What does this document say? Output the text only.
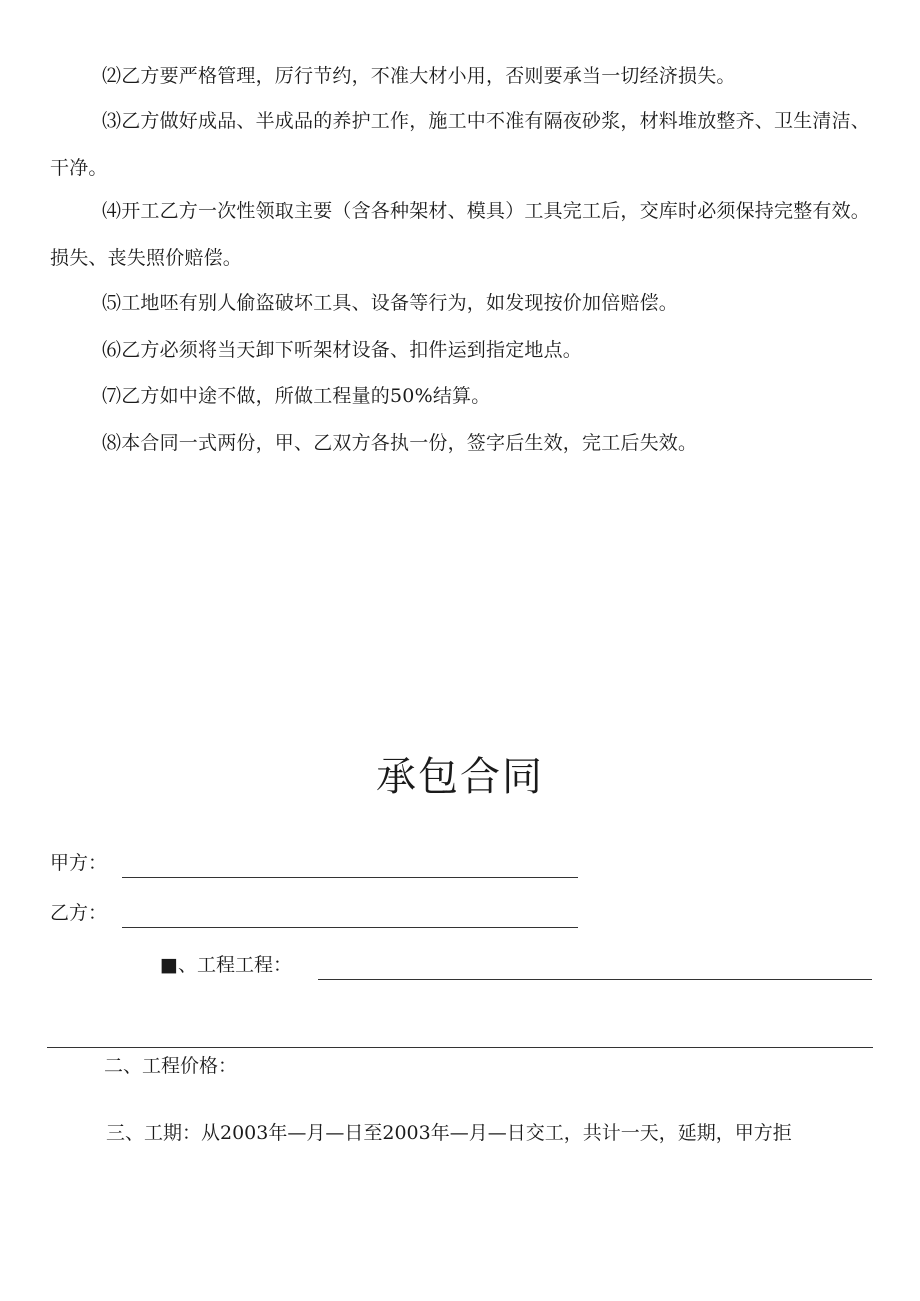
⑵乙方要严格管理，厉行节约，不准大材小用，否则要承当一切经济损失。

⑶乙方做好成品、半成品的养护工作，施工中不准有隔夜砂浆，材料堆放整齐、卫生清洁、干净。

⑷开工乙方一次性领取主要（含各种架材、模具）工具完工后，交库时必须保持完整有效。损失、丧失照价赔偿。

⑸工地呸有别人偷盗破坏工具、设备等行为，如发现按价加倍赔偿。

⑹乙方必须将当天卸下听架材设备、扣件运到指定地点。

⑺乙方如中途不做，所做工程量的50%结算。

⑻本合同一式两份，甲、乙双方各执一份，签字后生效，完工后失效。

承包合同
甲方：
乙方：
■、工程工程：

二、工程价格：

三、工期：从2003年—月—日至2003年—月—日交工，共计一天，延期，甲方拒
